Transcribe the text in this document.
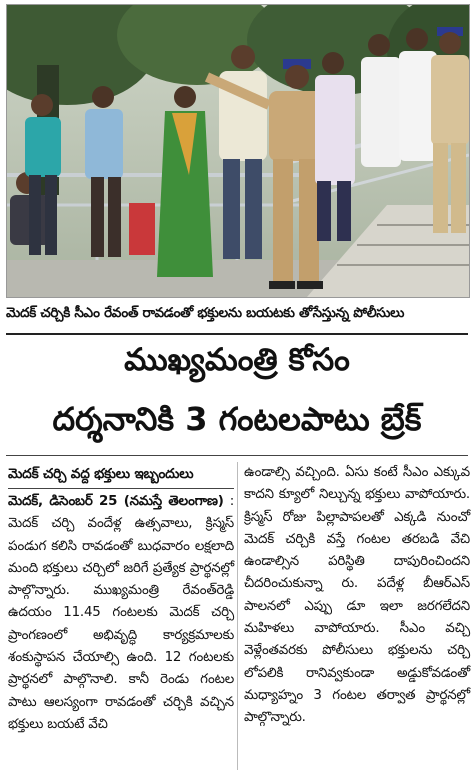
మెదక్ చర్చికి సీఎం రేవంత్ రావడంతో భక్తులను బయటకు తోసేస్తున్న పోలీసులు
ముఖ్యమంత్రి కోసం
దర్శనానికి 3 గంటలపాటు బ్రేక్
మెదక్ చర్చి వద్ద భక్తులు ఇబ్బందులు
మెదక్, డిసెంబర్ 25 (నమస్తే తెలంగాణ) : మెదక్ చర్చి వందేళ్ల ఉత్సవాలు, క్రిస్మస్ పండుగ కలిసి రావడంతో బుధవారం లక్షలాది మంది భక్తులు చర్చిలో జరిగే ప్రత్యేక ప్రార్థనల్లో పాల్గొన్నారు. ముఖ్యమంత్రి రేవంత్‌రెడ్డి ఉదయం 11.45 గంటలకు మెదక్ చర్చి ప్రాంగణంలో అభివృద్ధి కార్యక్రమాలకు శంకుస్థాపన చేయాల్సి ఉంది. 12 గంటలకు ప్రార్థనలో పాల్గొనాలి. కానీ రెండు గంటల పాటు ఆలస్యంగా రావడంతో చర్చికి వచ్చిన భక్తులు బయటే వేచి
ఉండాల్సి వచ్చింది. ఏసు కంటే సీఎం ఎక్కువ కాదని క్యూలో నిల్చున్న భక్తులు వాపోయారు. క్రిస్మస్ రోజు పిల్లాపాపలతో ఎక్కడి నుంచో మెదక్ చర్చికి వస్తే గంటల తరబడి వేచి ఉండాల్సిన పరిస్థితి దాపురించిందని చీదరించుకున్నా రు. పదేళ్ల బీఆర్ఎస్ పాలనలో ఎప్పు డూ ఇలా జరగలేదని మహిళలు వాపోయారు. సీఎం వచ్చి వెళ్లేంతవరకు పోలీసులు భక్తులను చర్చి లోపలికి రానివ్వకుండా అడ్డుకోవడంతో మధ్యాహ్నం 3 గంటల తర్వాత ప్రార్థనల్లో పాల్గొన్నారు.
